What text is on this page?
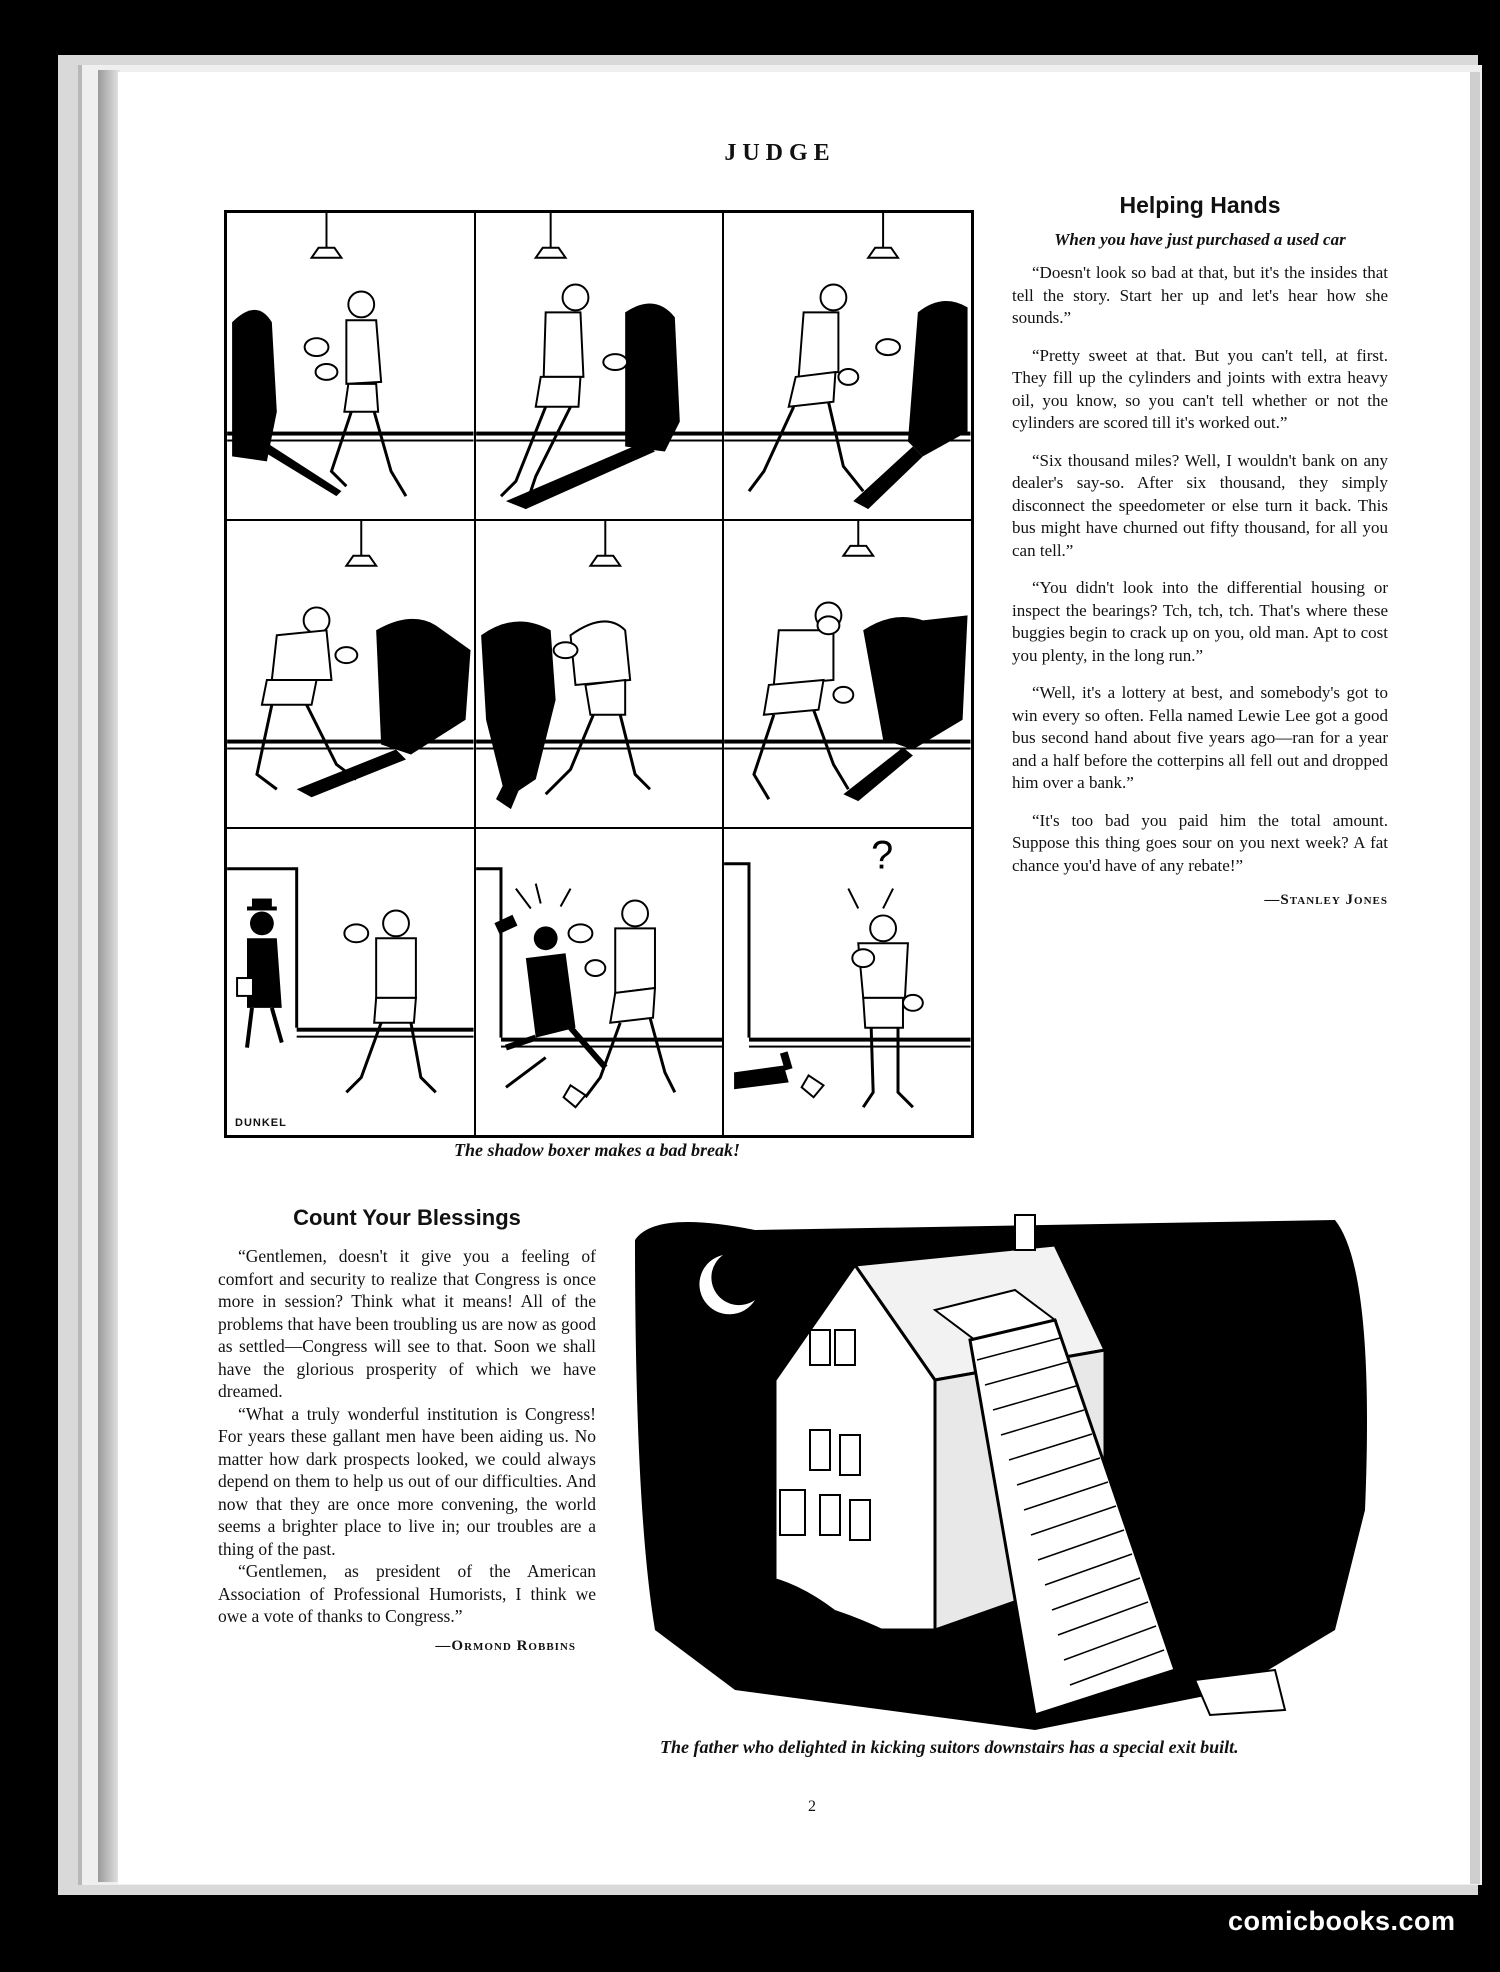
JUDGE
DUNKEL
?
The shadow boxer makes a bad break!
Helping Hands
When you have just purchased a used car

“Doesn't look so bad at that, but it's the insides that tell the story. Start her up and let's hear how she sounds.”

“Pretty sweet at that. But you can't tell, at first. They fill up the cylinders and joints with extra heavy oil, you know, so you can't tell whether or not the cylinders are scored till it's worked out.”

“Six thousand miles? Well, I wouldn't bank on any dealer's say-so. After six thousand, they simply disconnect the speedometer or else turn it back. This bus might have churned out fifty thousand, for all you can tell.”

“You didn't look into the differential housing or inspect the bearings? Tch, tch, tch. That's where these buggies begin to crack up on you, old man. Apt to cost you plenty, in the long run.”

“Well, it's a lottery at best, and somebody's got to win every so often. Fella named Lewie Lee got a good bus second hand about five years ago—ran for a year and a half before the cotterpins all fell out and dropped him over a bank.”

“It's too bad you paid him the total amount. Suppose this thing goes sour on you next week? A fat chance you'd have of any rebate!”

—Stanley Jones
Count Your Blessings

“Gentlemen, doesn't it give you a feeling of comfort and security to realize that Congress is once more in session? Think what it means! All of the problems that have been troubling us are now as good as settled—Congress will see to that. Soon we shall have the glorious prosperity of which we have dreamed.

“What a truly wonderful institution is Congress! For years these gallant men have been aiding us. No matter how dark prospects looked, we could always depend on them to help us out of our difficulties. And now that they are once more convening, the world seems a brighter place to live in; our troubles are a thing of the past.

“Gentlemen, as president of the American Association of Professional Humorists, I think we owe a vote of thanks to Congress.”

—Ormond Robbins
The father who delighted in kicking suitors downstairs has a special exit built.
2
comicbooks.com
